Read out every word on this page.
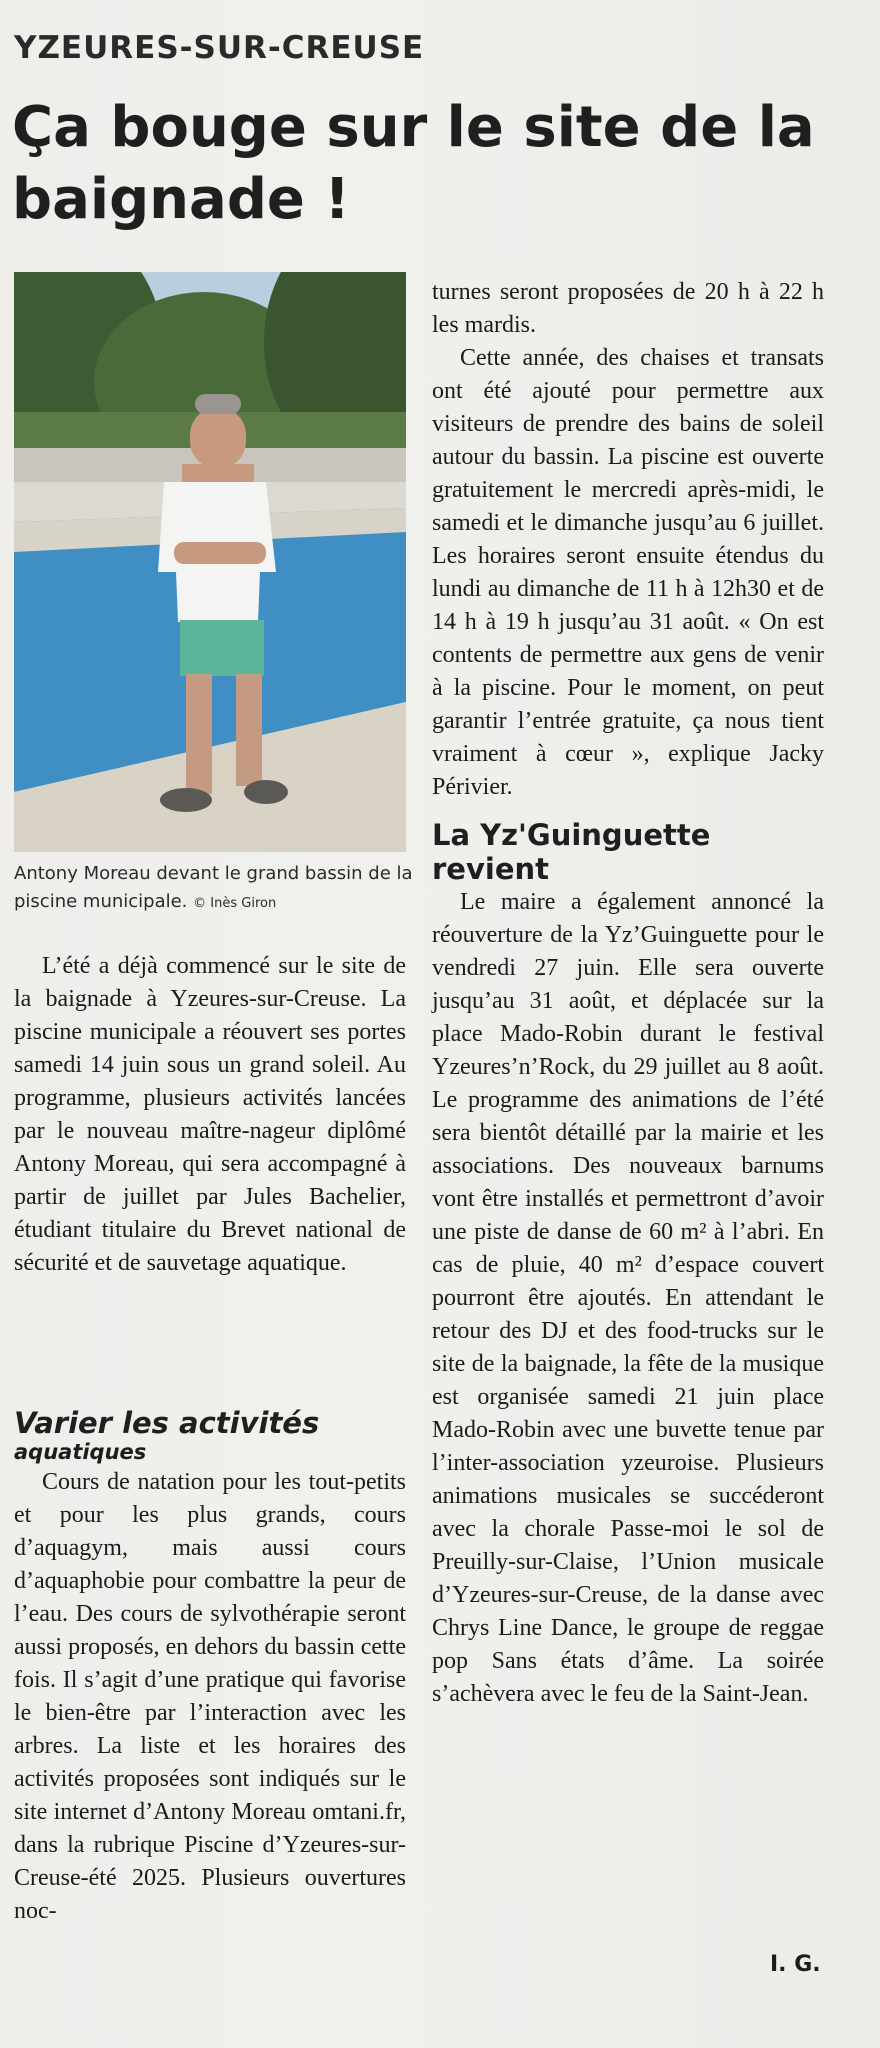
YZEURES-SUR-CREUSE
Ça bouge sur le site de la baignade !
Antony Moreau devant le grand bassin de la piscine municipale. © Inès Giron

L’été a déjà commencé sur le site de la baignade à Yzeures-sur-Creuse. La piscine municipale a réouvert ses portes samedi 14 juin sous un grand soleil. Au programme, plusieurs activités lancées par le nouveau maître-nageur diplômé Antony Moreau, qui sera accompagné à partir de juillet par Jules Bachelier, étudiant titulaire du Brevet national de sécurité et de sauvetage aquatique.

Varier les activités

aquatiques

Cours de natation pour les tout-petits et pour les plus grands, cours d’aquagym, mais aussi cours d’aquaphobie pour combattre la peur de l’eau. Des cours de sylvothérapie seront aussi proposés, en dehors du bassin cette fois. Il s’agit d’une pratique qui favorise le bien-être par l’interaction avec les arbres. La liste et les horaires des activités proposées sont indiqués sur le site internet d’Antony Moreau omtani.fr, dans la rubrique Piscine d’Yzeures-sur-Creuse-été 2025. Plusieurs ouvertures noc-

turnes seront proposées de 20 h à 22 h les mardis.

Cette année, des chaises et transats ont été ajouté pour permettre aux visiteurs de prendre des bains de soleil autour du bassin. La piscine est ouverte gratuitement le mercredi après-midi, le samedi et le dimanche jusqu’au 6 juillet. Les horaires seront ensuite étendus du lundi au dimanche de 11 h à 12h30 et de 14 h à 19 h jusqu’au 31 août. « On est contents de permettre aux gens de venir à la piscine. Pour le moment, on peut garantir l’entrée gratuite, ça nous tient vraiment à cœur », explique Jacky Périvier.

La Yz'Guinguette revient

Le maire a également annoncé la réouverture de la Yz’Guinguette pour le vendredi 27 juin. Elle sera ouverte jusqu’au 31 août, et déplacée sur la place Mado-Robin durant le festival Yzeures’n’Rock, du 29 juillet au 8 août. Le programme des animations de l’été sera bientôt détaillé par la mairie et les associations. Des nouveaux barnums vont être installés et permettront d’avoir une piste de danse de 60 m² à l’abri. En cas de pluie, 40 m² d’espace couvert pourront être ajoutés. En attendant le retour des DJ et des food-trucks sur le site de la baignade, la fête de la musique est organisée samedi 21 juin place Mado-Robin avec une buvette tenue par l’inter-association yzeuroise. Plusieurs animations musicales se succéderont avec la chorale Passe-moi le sol de Preuilly-sur-Claise, l’Union musicale d’Yzeures-sur-Creuse, de la danse avec Chrys Line Dance, le groupe de reggae pop Sans états d’âme. La soirée s’achèvera avec le feu de la Saint-Jean.

I. G.
